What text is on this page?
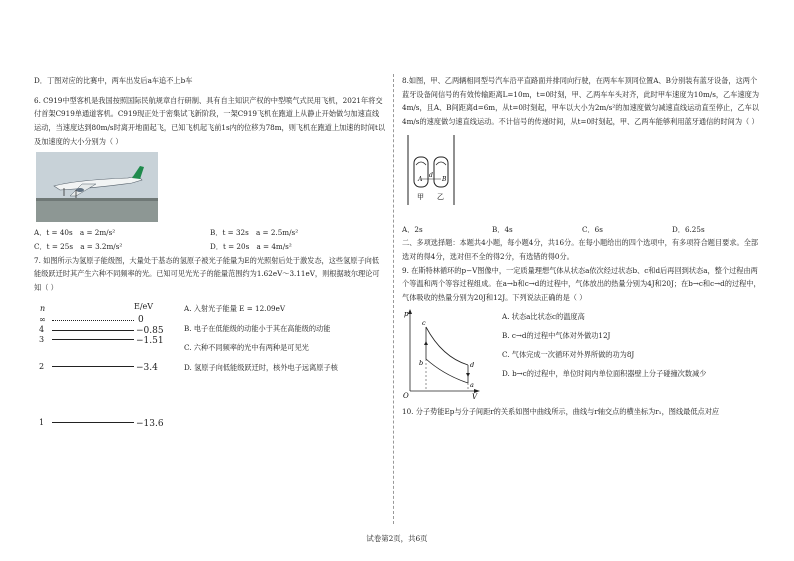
D．丁图对应的比赛中，两车出发后a车追不上b车

6. C919中型客机是我国按照国际民航规章自行研制、具有自主知识产权的中型喷气式民用飞机，2021年将交付首架C919单通道客机。C919现正处于密集试飞新阶段，一架C919飞机在跑道上从静止开始做匀加速直线运动，当速度达到80m/s时离开地面起飞，已知飞机起飞前1s内的位移为78m，则飞机在跑道上加速的时间t以及加速度的大小分别为（ ）

A．t = 40s　a = 2m/s²	B．t = 32s　a = 2.5m/s²
C．t = 25s　a = 3.2m/s²	D．t = 20s　a = 4m/s²

7. 如图所示为氢原子能级图，大量处于基态的氢原子被光子能量为E的光照射后处于激发态，这些氢原子向低能级跃迁时其产生六种不同频率的光。已知可见光光子的能量范围约为1.62eV～3.11eV，则根据玻尔理论可知（ ）

n	E/eV
∞	0
4	−0.85
3	−1.51
2	−3.4
1	−13.6
A. 入射光子能量 E = 12.09eV
B. 电子在低能级的动能小于其在高能级的动能
C. 六种不同频率的光中有两种是可见光
D. 氢原子向低能级跃迁时，核外电子远离原子核

8.如图，甲、乙两辆相同型号汽车沿平直路面并排同向行驶，在两车车顶同位置A、B分别装有蓝牙设备，这两个蓝牙设备间信号的有效传输距离L=10m，t=0时刻，甲、乙两车车头对齐，此时甲车速度为10m/s，乙车速度为4m/s，且A、B间距离d=6m，从t=0时刻起，甲车以大小为2m/s²的加速度做匀减速直线运动直至停止，乙车以4m/s的速度做匀速直线运动。不计信号的传递时间，从t=0时刻起，甲、乙两车能够利用蓝牙通信的时间为（ ）

A
d
B
甲 乙
A．2s	B．4s	C．6s	D．6.25s

二、多项选择题：本题共4小题，每小题4分，共16分。在每小题给出的四个选项中，有多项符合题目要求。全部选对的得4分，选对但不全的得2分，有选错的得0分。

9. 在斯特林循环的p−V图像中，一定质量理想气体从状态a依次经过状态b、c和d后再回到状态a，整个过程由两个等温和两个等容过程组成。在a→b和c→d的过程中，气体放出的热量分别为4J和20J；在b→c和c→d的过程中，气体吸收的热量分别为20J和12J。下列说法正确的是（ ）

p
V
O
c
b	d
a
A. 状态a比状态c的温度高
B. c→d的过程中气体对外做功12J
C. 气体完成一次循环对外界所做的功为8J
D. b→c的过程中，单位时间内单位面积器壁上分子碰撞次数减少

10. 分子势能Ep与分子间距r的关系如图中曲线所示，曲线与r轴交点的横坐标为r₁，图线最低点对应

试卷第2页，共6页
